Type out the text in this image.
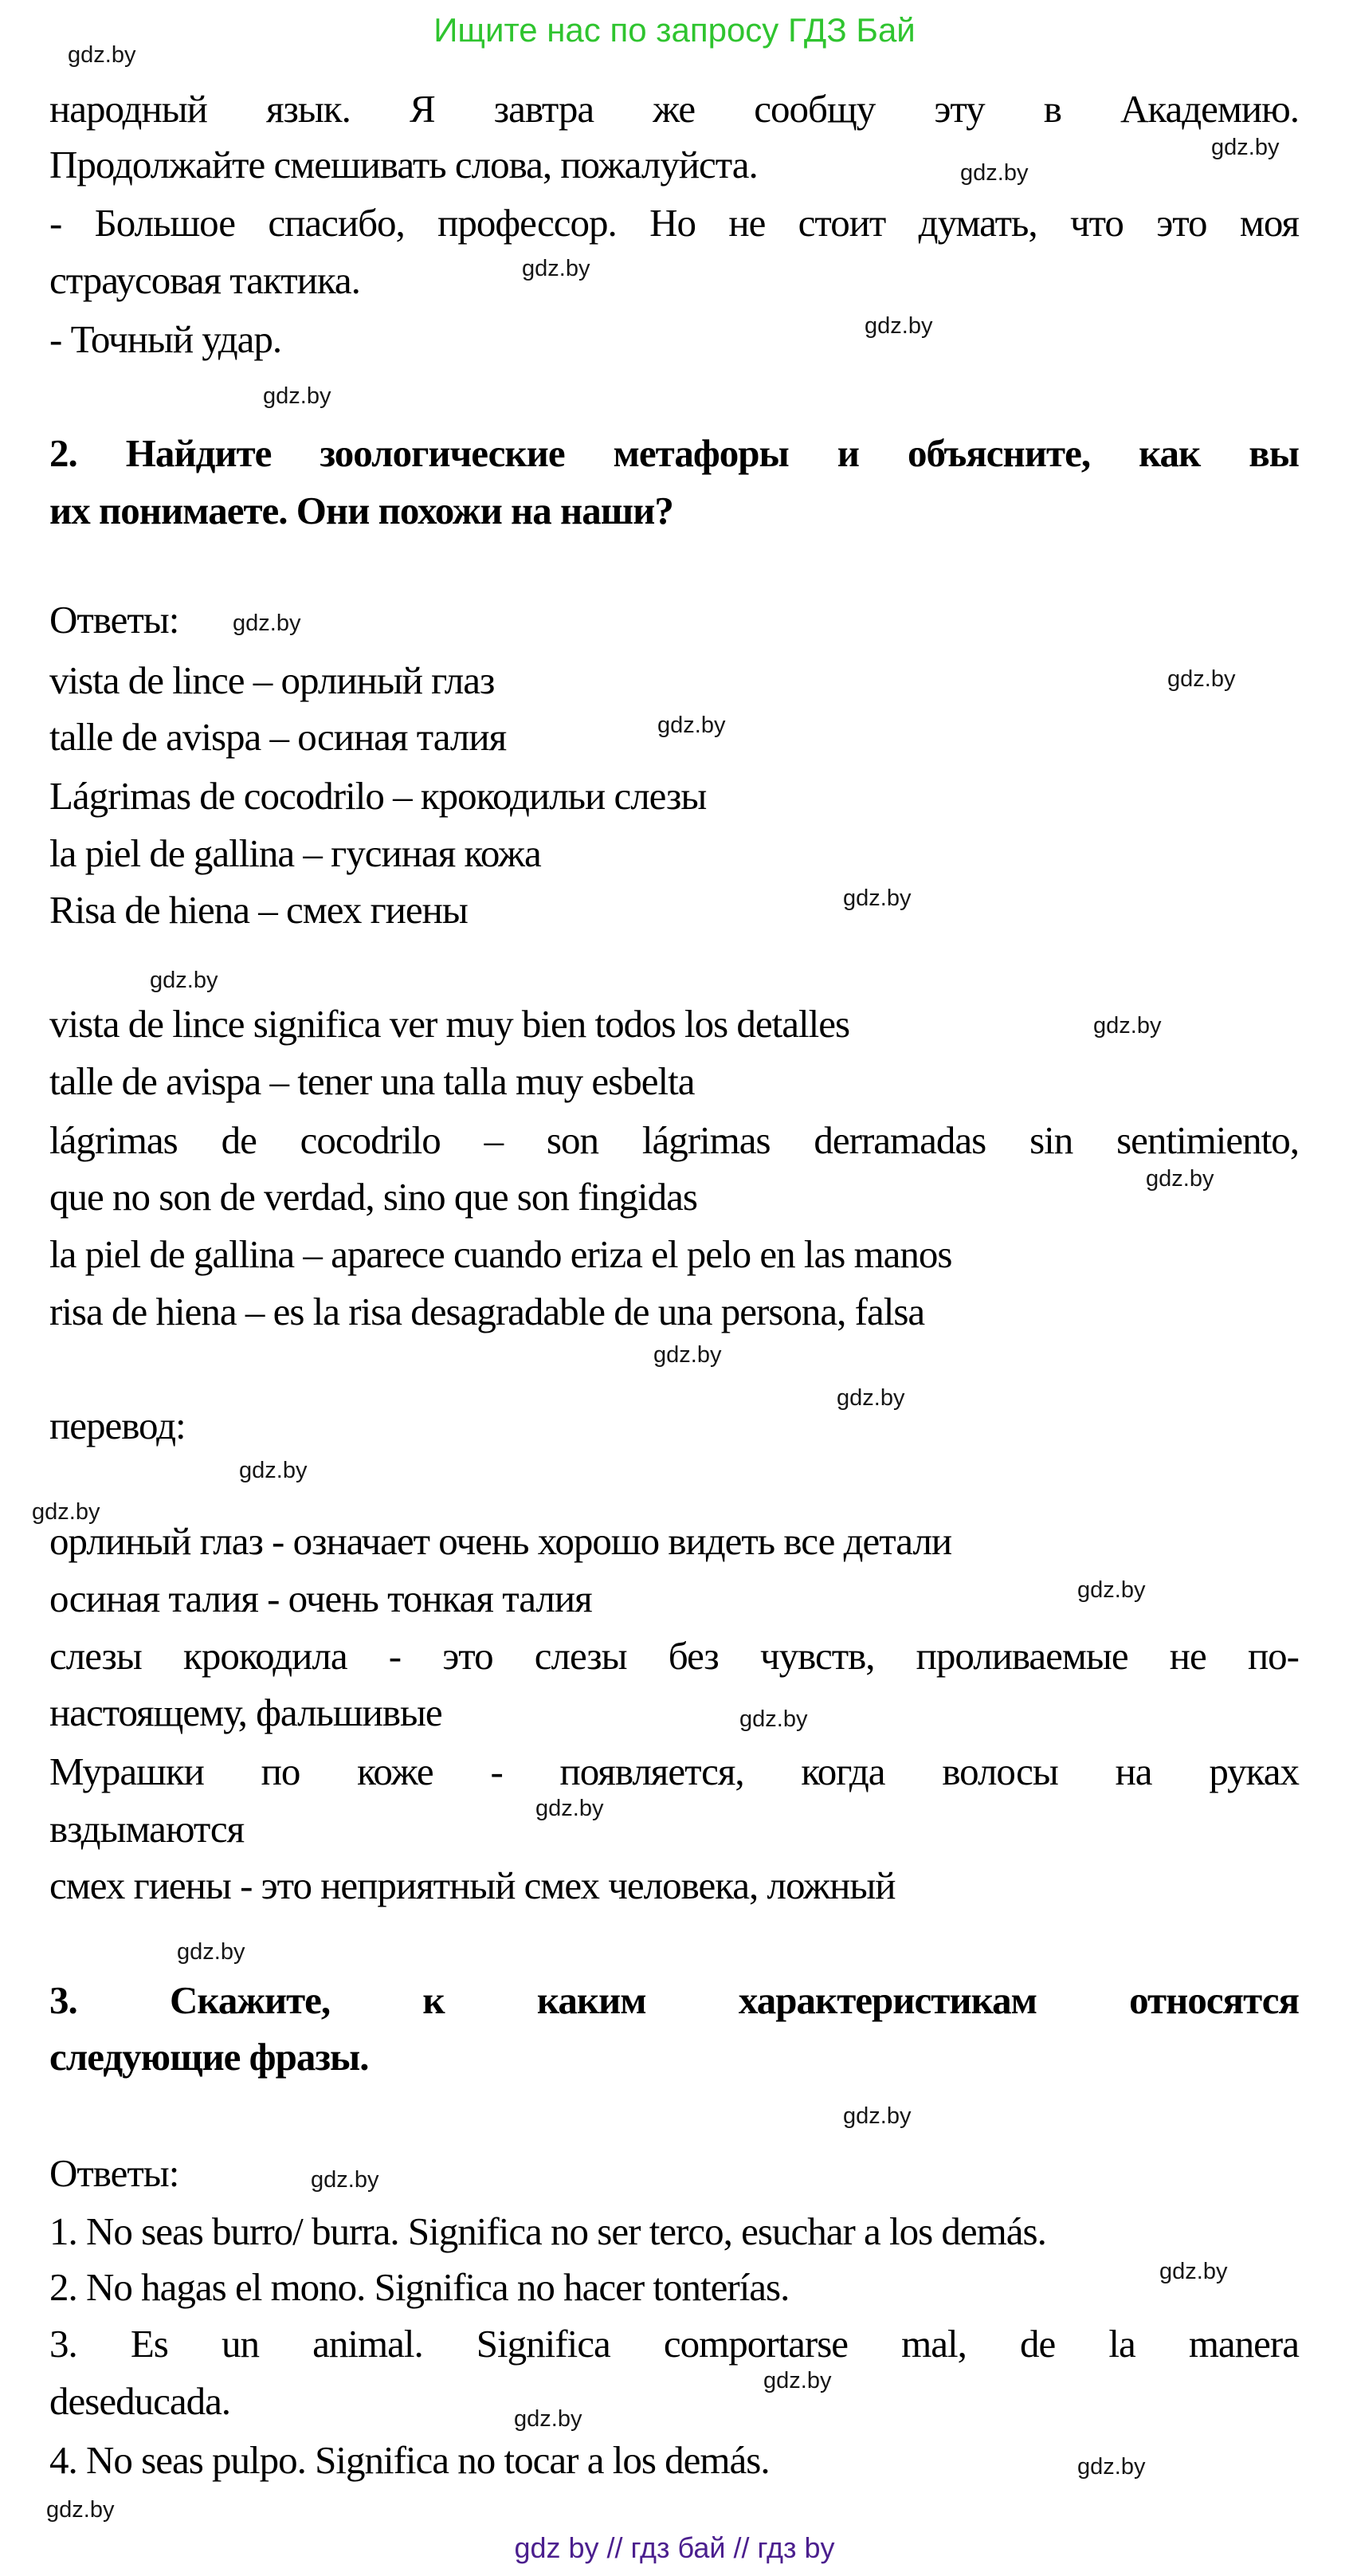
Ищите нас по запросу ГДЗ Бай
народный язык. Я завтра же сообщу эту в Академию.
Продолжайте смешивать слова, пожалуйста.
- Большое спасибо, профессор. Но не стоит думать, что это моя
страусовая тактика.
- Точный удар.
2. Найдите зоологические метафоры и объясните, как вы
их понимаете. Они похожи на наши?
Ответы:
vista de lince – орлиный глаз
talle de avispa – осиная талия
Lágrimas de cocodrilo – крокодильи слезы
la piel de gallina – гусиная кожа
Risa de hiena – смех гиены
vista de lince significa ver muy bien todos los detalles
talle de avispa – tener una talla muy esbelta
lágrimas de cocodrilo – son lágrimas derramadas sin sentimiento,
que no son de verdad, sino que son fingidas
la piel de gallina – aparece cuando eriza el pelo en las manos
risa de hiena – es la risa desagradable de una persona, falsa
перевод:
орлиный глаз - означает очень хорошо видеть все детали
осиная талия - очень тонкая талия
слезы крокодила - это слезы без чувств, проливаемые не по-
настоящему, фальшивые
Мурашки по коже - появляется, когда волосы на руках
вздымаются
смех гиены - это неприятный смех человека, ложный
3. Скажите, к каким характеристикам относятся
следующие фразы.
Ответы:
1. No seas burro/ burra. Significa no ser terco, esuchar a los demás.
2. No hagas el mono. Significa no hacer tonterías.
3. Es un animal. Significa comportarse mal, de la manera
deseducada.
4. No seas pulpo. Significa no tocar a los demás.
gdz.by
gdz.by
gdz.by
gdz.by
gdz.by
gdz.by
gdz.by
gdz.by
gdz.by
gdz.by
gdz.by
gdz.by
gdz.by
gdz.by
gdz.by
gdz.by
gdz.by
gdz.by
gdz.by
gdz.by
gdz.by
gdz.by
gdz.by
gdz.by
gdz.by
gdz.by
gdz.by
gdz.by
gdz by // гдз бай // гдз by
